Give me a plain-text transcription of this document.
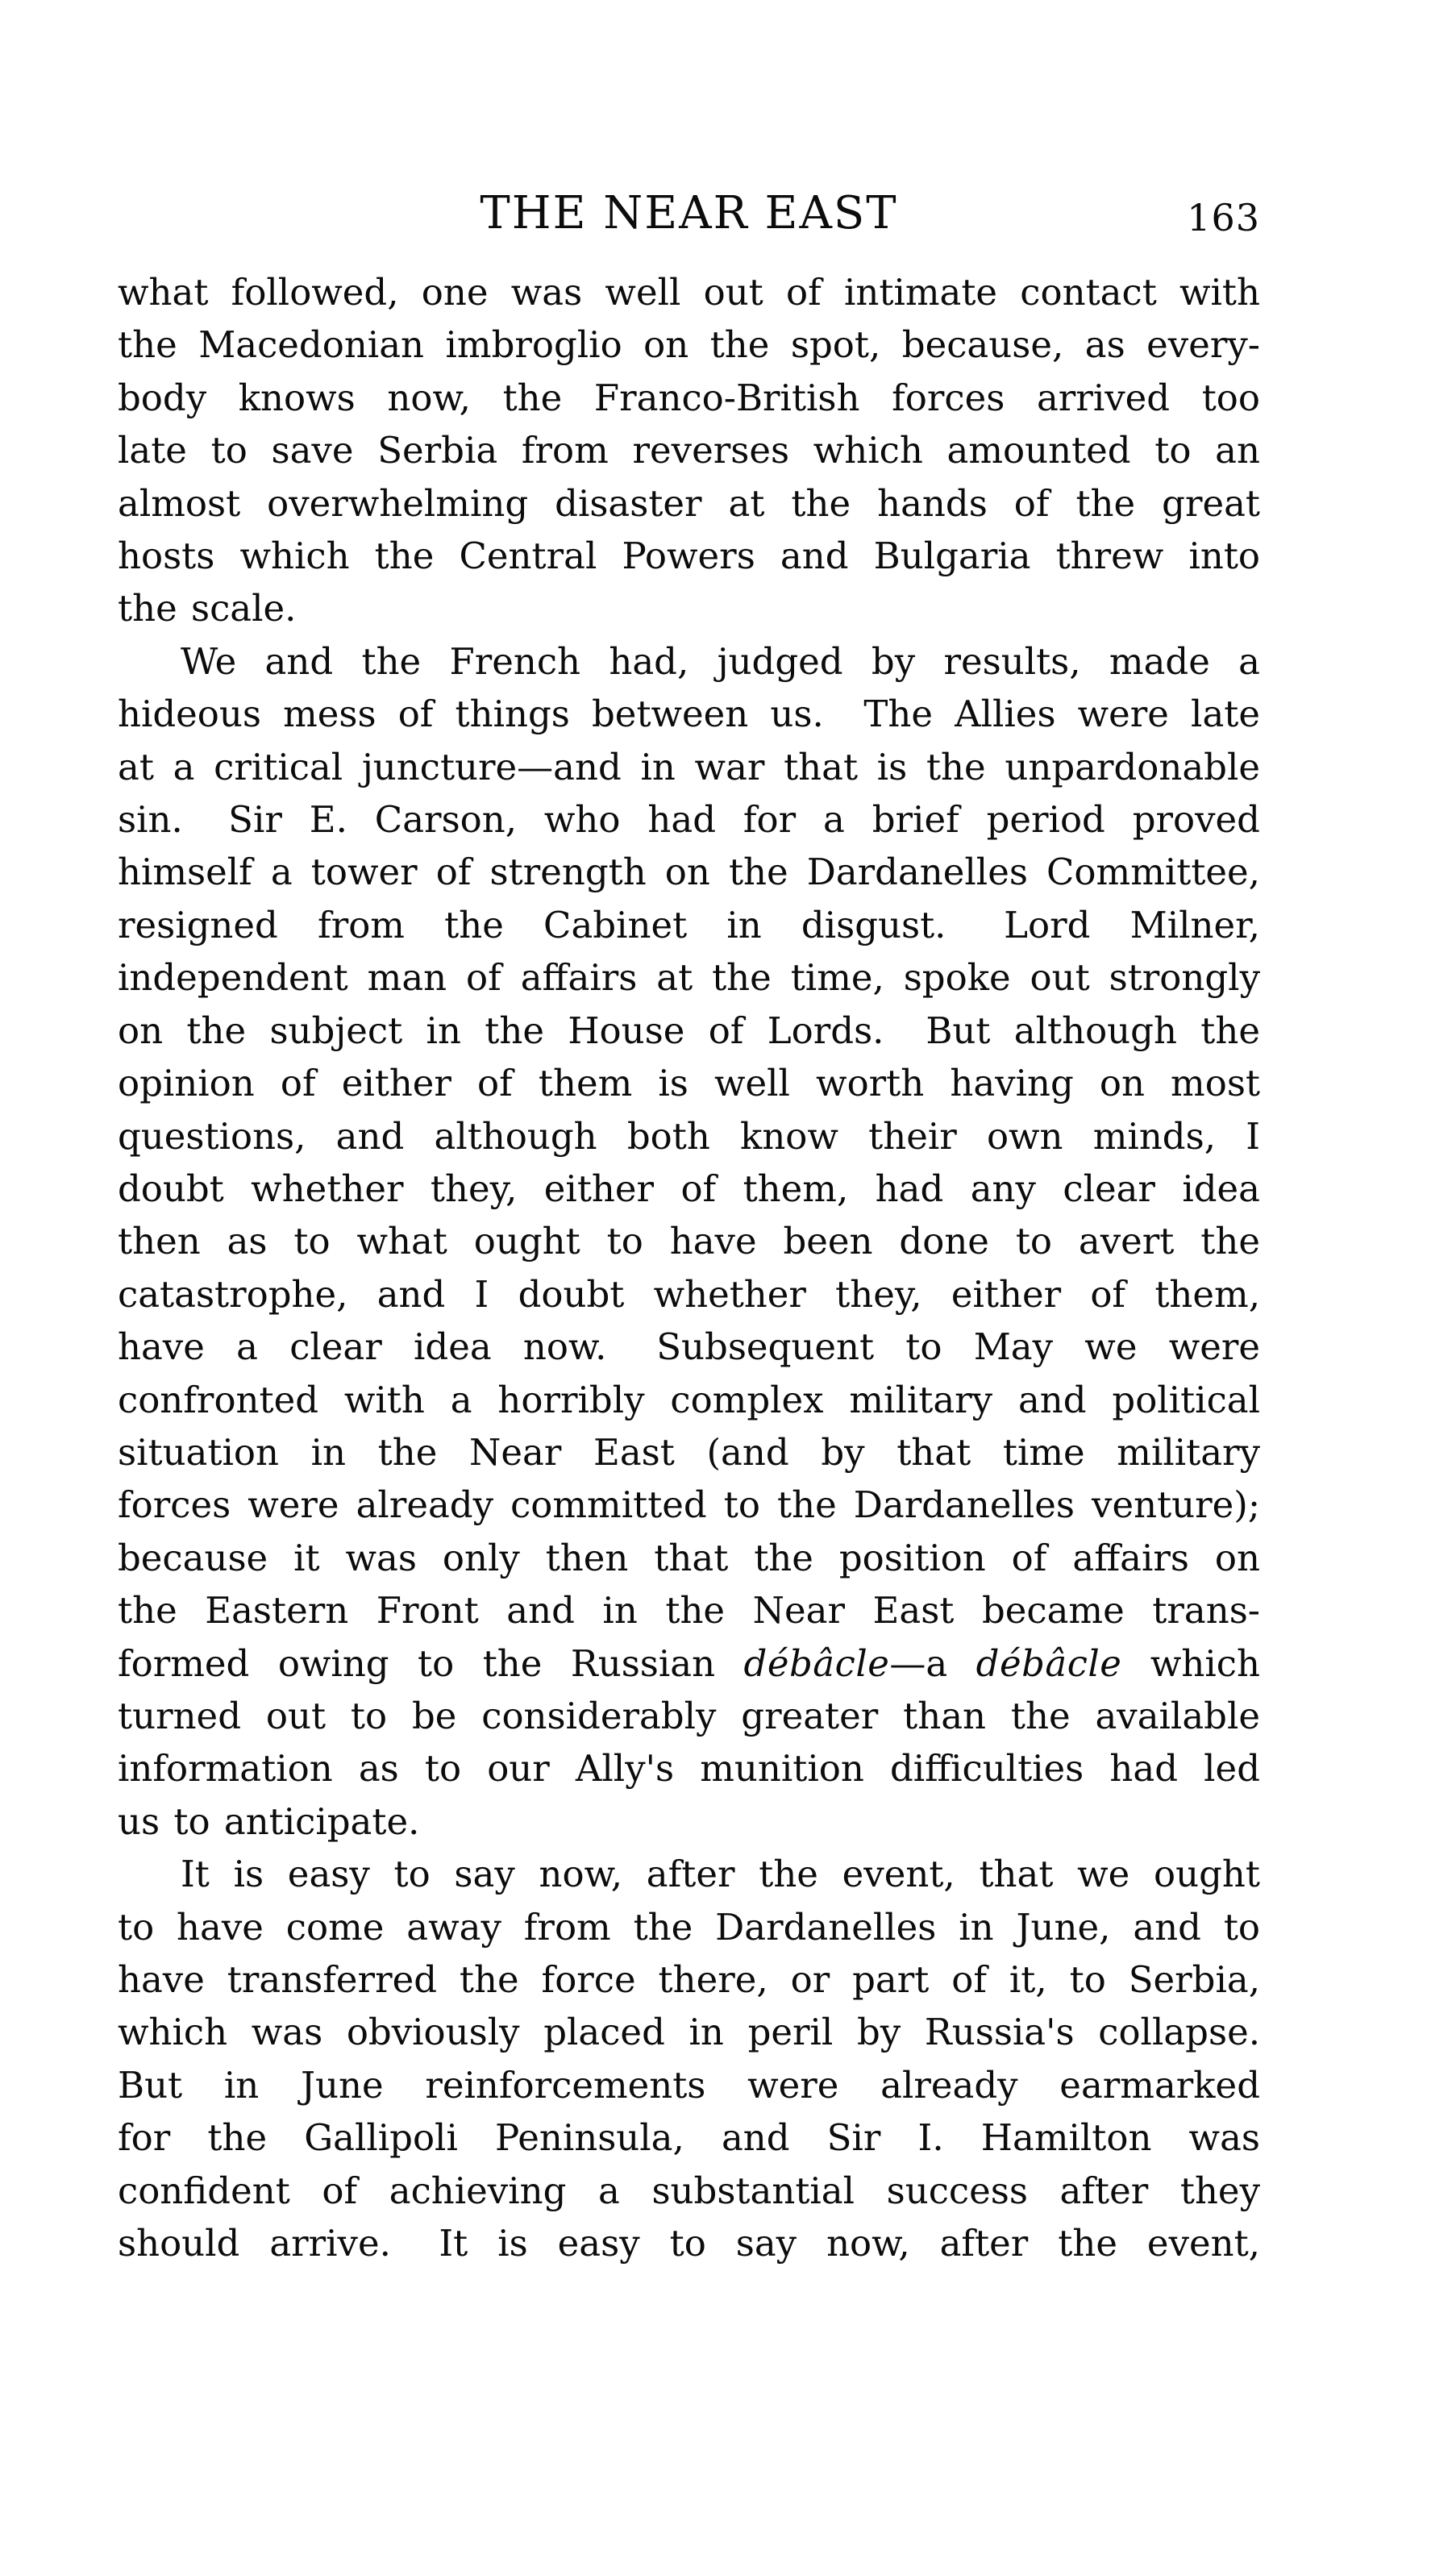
THE NEAR EAST	163
what followed, one was well out of intimate contact with
the Macedonian imbroglio on the spot, because, as every-
body knows now, the Franco-British forces arrived too
late to save Serbia from reverses which amounted to an
almost overwhelming disaster at the hands of the great
hosts which the Central Powers and Bulgaria threw into
the scale.
We and the French had, judged by results, made a
hideous mess of things between us.  The Allies were late
at a critical juncture—and in war that is the unpardonable
sin.  Sir E. Carson, who had for a brief period proved
himself a tower of strength on the Dardanelles Committee,
resigned from the Cabinet in disgust.  Lord Milner,
independent man of affairs at the time, spoke out strongly
on the subject in the House of Lords.  But although the
opinion of either of them is well worth having on most
questions, and although both know their own minds, I
doubt whether they, either of them, had any clear idea
then as to what ought to have been done to avert the
catastrophe, and I doubt whether they, either of them,
have a clear idea now.  Subsequent to May we were
confronted with a horribly complex military and political
situation in the Near East (and by that time military
forces were already committed to the Dardanelles venture);
because it was only then that the position of affairs on
the Eastern Front and in the Near East became trans-
formed owing to the Russian débâcle—a débâcle which
turned out to be considerably greater than the available
information as to our Ally's munition difficulties had led
us to anticipate.
It is easy to say now, after the event, that we ought
to have come away from the Dardanelles in June, and to
have transferred the force there, or part of it, to Serbia,
which was obviously placed in peril by Russia's collapse.
But in June reinforcements were already earmarked
for the Gallipoli Peninsula, and Sir I. Hamilton was
confident of achieving a substantial success after they
should arrive.  It is easy to say now, after the event,
